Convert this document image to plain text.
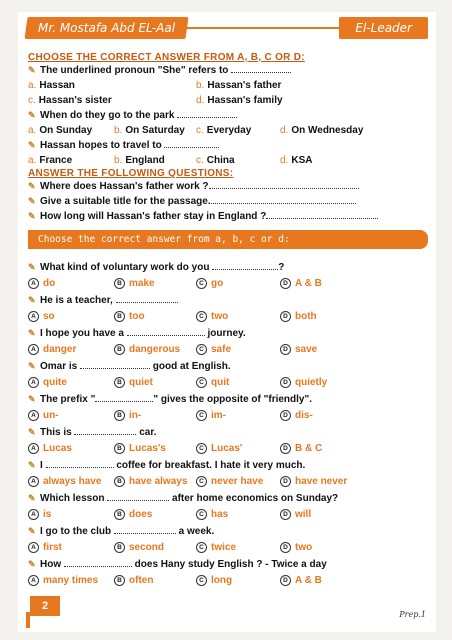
Mr. Mostafa Abd EL-Aal	El-Leader
CHOOSE THE CORRECT ANSWER FROM A, B, C OR D:
✎ The underlined pronoun "She" refers to
a. Hassan	b. Hassan's father
c. Hassan's sister	d. Hassan's family
✎ When do they go to the park
a. On Sunday b. On Saturday c. Everyday	d. On Wednesday
✎ Hassan hopes to travel to
a. France	b. England	c. China	d. KSA
ANSWER THE FOLLOWING QUESTIONS:
✎ Where does Hassan's father work ?
✎ Give a suitable title for the passage.
✎ How long will Hassan's father stay in England ?
Choose the correct answer from a, b, c or d:
✎ What kind of voluntary work do you	?
A do	B make	C go	D A & B
✎ He is a teacher,
A so	B too	C two	D both
✎ I hope you have a	journey.
A danger	B dangerous	C safe	D save
✎ Omar is	good at English.
A quite	B quiet	C quit	D quietly
✎ The prefix "	" gives the opposite of "friendly".
A un-	B in-	C im-	D dis-
✎ This is	car.
A Lucas	B Lucas's	C Lucas'	D B & C
✎ I	coffee for breakfast. I hate it very much.
A always have	B have always	C never have	D have never
✎ Which lesson	after home economics on Sunday?
A is	B does	C has	D will
✎ I go to the club	a week.
A first	B second	C twice	D two
✎ How	does Hany study English ? - Twice a day
A many times	B often	C long	D A & B
2
Prep.1
